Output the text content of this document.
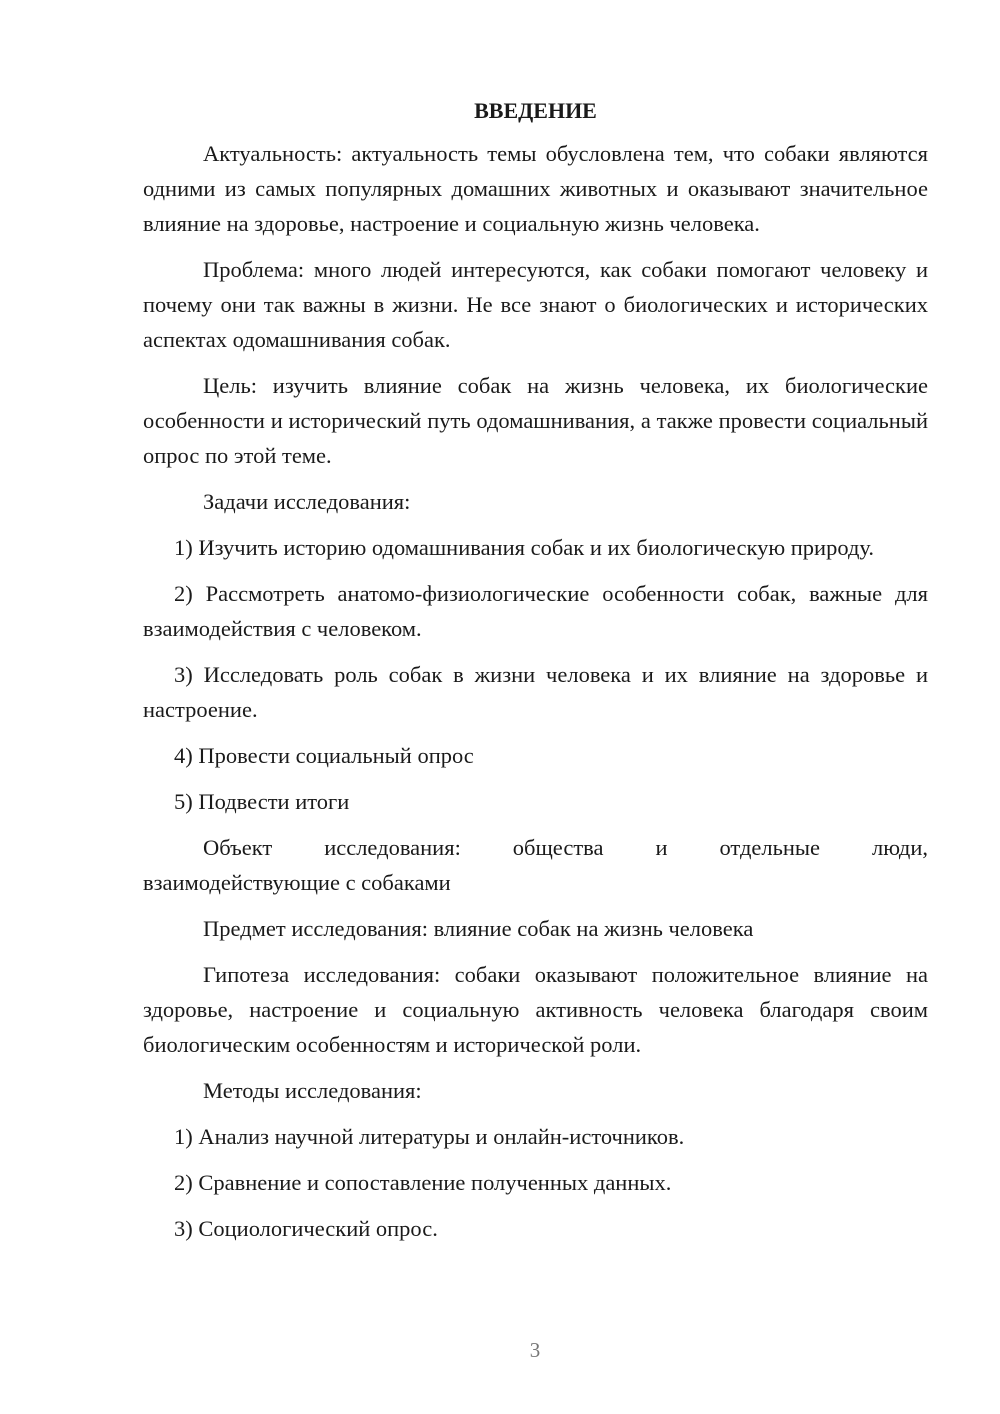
ВВЕДЕНИЕ

Актуальность: актуальность темы обусловлена тем, что собаки являются одними из самых популярных домашних животных и оказывают значительное влияние на здоровье, настроение и социальную жизнь человека.

Проблема: много людей интересуются, как собаки помогают человеку и почему они так важны в жизни. Не все знают о биологических и исторических аспектах одомашнивания собак.

Цель: изучить влияние собак на жизнь человека, их биологические особенности и исторический путь одомашнивания, а также провести социальный опрос по этой теме.

Задачи исследования:

1) Изучить историю одомашнивания собак и их биологическую природу.

2) Рассмотреть анатомо-физиологические особенности собак, важные для взаимодействия с человеком.

3) Исследовать роль собак в жизни человека и их влияние на здоровье и настроение.

4) Провести социальный опрос

5) Подвести итоги

Объект исследования: общества и отдельные люди,

взаимодействующие с собаками

Предмет исследования: влияние собак на жизнь человека

Гипотеза исследования: собаки оказывают положительное влияние на здоровье, настроение и социальную активность человека благодаря своим биологическим особенностям и исторической роли.

Методы исследования:

1) Анализ научной литературы и онлайн-источников.

2) Сравнение и сопоставление полученных данных.

3) Социологический опрос.

3
